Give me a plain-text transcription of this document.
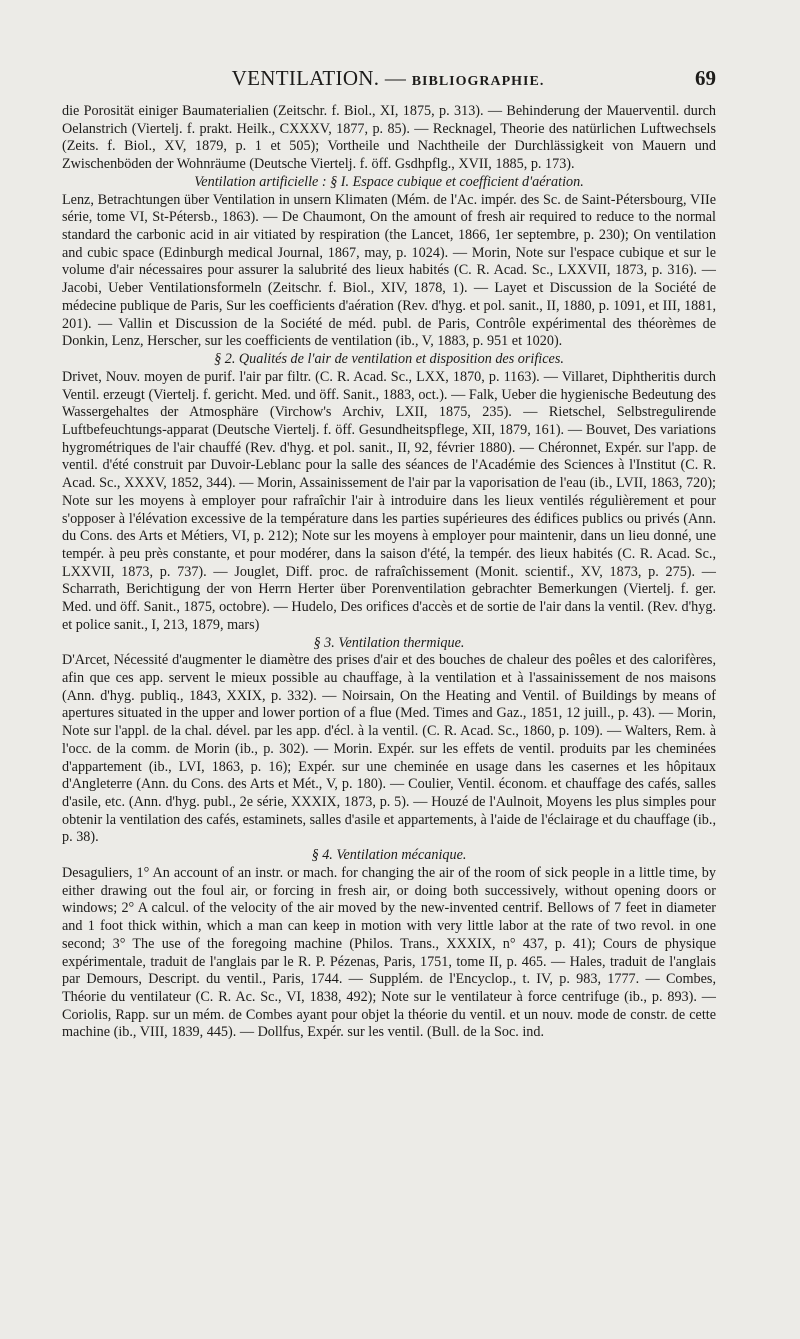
VENTILATION. — BIBLIOGRAPHIE.	69

die Porosität einiger Baumaterialien (Zeitschr. f. Biol., XI, 1875, p. 313). — Behinderung der Mauerventil. durch Oelanstrich (Viertelj. f. prakt. Heilk., CXXXV, 1877, p. 85). — Recknagel, Theorie des natürlichen Luftwechsels (Zeits. f. Biol., XV, 1879, p. 1 et 505); Vortheile und Nachtheile der Durchlässigkeit von Mauern und Zwischenböden der Wohnräume (Deutsche Viertelj. f. öff. Gsdhpflg., XVII, 1885, p. 173).

Ventilation artificielle : § I. Espace cubique et coefficient d'aération.

Lenz, Betrachtungen über Ventilation in unsern Klimaten (Mém. de l'Ac. impér. des Sc. de Saint-Pétersbourg, VIIe série, tome VI, St-Pétersb., 1863). — De Chaumont, On the amount of fresh air required to reduce to the normal standard the carbonic acid in air vitiated by respiration (the Lancet, 1866, 1er septembre, p. 230); On ventilation and cubic space (Edinburgh medical Journal, 1867, may, p. 1024). — Morin, Note sur l'espace cubique et sur le volume d'air nécessaires pour assurer la salubrité des lieux habités (C. R. Acad. Sc., LXXVII, 1873, p. 316). — Jacobi, Ueber Ventilationsformeln (Zeitschr. f. Biol., XIV, 1878, 1). — Layet et Discussion de la Société de médecine publique de Paris, Sur les coefficients d'aération (Rev. d'hyg. et pol. sanit., II, 1880, p. 1091, et III, 1881, 201). — Vallin et Discussion de la Société de méd. publ. de Paris, Contrôle expérimental des théorèmes de Donkin, Lenz, Herscher, sur les coefficients de ventilation (ib., V, 1883, p. 951 et 1020).

§ 2. Qualités de l'air de ventilation et disposition des orifices.

Drivet, Nouv. moyen de purif. l'air par filtr. (C. R. Acad. Sc., LXX, 1870, p. 1163). — Villaret, Diphtheritis durch Ventil. erzeugt (Viertelj. f. gericht. Med. und öff. Sanit., 1883, oct.). — Falk, Ueber die hygienische Bedeutung des Wassergehaltes der Atmosphäre (Virchow's Archiv, LXII, 1875, 235). — Rietschel, Selbstregulirende Luftbefeuchtungs-apparat (Deutsche Viertelj. f. öff. Gesundheitspflege, XII, 1879, 161). — Bouvet, Des variations hygrométriques de l'air chauffé (Rev. d'hyg. et pol. sanit., II, 92, février 1880). — Chéronnet, Expér. sur l'app. de ventil. d'été construit par Duvoir-Leblanc pour la salle des séances de l'Académie des Sciences à l'Institut (C. R. Acad. Sc., XXXV, 1852, 344). — Morin, Assainissement de l'air par la vaporisation de l'eau (ib., LVII, 1863, 720); Note sur les moyens à employer pour rafraîchir l'air à introduire dans les lieux ventilés régulièrement et pour s'opposer à l'élévation excessive de la température dans les parties supérieures des édifices publics ou privés (Ann. du Cons. des Arts et Métiers, VI, p. 212); Note sur les moyens à employer pour maintenir, dans un lieu donné, une tempér. à peu près constante, et pour modérer, dans la saison d'été, la tempér. des lieux habités (C. R. Acad. Sc., LXXVII, 1873, p. 737). — Jouglet, Diff. proc. de rafraîchissement (Monit. scientif., XV, 1873, p. 275). — Scharrath, Berichtigung der von Herrn Herter über Porenventilation gebrachter Bemerkungen (Viertelj. f. ger. Med. und öff. Sanit., 1875, octobre). — Hudelo, Des orifices d'accès et de sortie de l'air dans la ventil. (Rev. d'hyg. et police sanit., I, 213, 1879, mars)

§ 3. Ventilation thermique.

D'Arcet, Nécessité d'augmenter le diamètre des prises d'air et des bouches de chaleur des poêles et des calorifères, afin que ces app. servent le mieux possible au chauffage, à la ventilation et à l'assainissement de nos maisons (Ann. d'hyg. publiq., 1843, XXIX, p. 332). — Noirsain, On the Heating and Ventil. of Buildings by means of apertures situated in the upper and lower portion of a flue (Med. Times and Gaz., 1851, 12 juill., p. 43). — Morin, Note sur l'appl. de la chal. dével. par les app. d'écl. à la ventil. (C. R. Acad. Sc., 1860, p. 109). — Walters, Rem. à l'occ. de la comm. de Morin (ib., p. 302). — Morin. Expér. sur les effets de ventil. produits par les cheminées d'appartement (ib., LVI, 1863, p. 16); Expér. sur une cheminée en usage dans les casernes et les hôpitaux d'Angleterre (Ann. du Cons. des Arts et Mét., V, p. 180). — Coulier, Ventil. économ. et chauffage des cafés, salles d'asile, etc. (Ann. d'hyg. publ., 2e série, XXXIX, 1873, p. 5). — Houzé de l'Aulnoit, Moyens les plus simples pour obtenir la ventilation des cafés, estaminets, salles d'asile et appartements, à l'aide de l'éclairage et du chauffage (ib., p. 38).

§ 4. Ventilation mécanique.

Desaguliers, 1° An account of an instr. or mach. for changing the air of the room of sick people in a little time, by either drawing out the foul air, or forcing in fresh air, or doing both successively, without opening doors or windows; 2° A calcul. of the velocity of the air moved by the new-invented centrif. Bellows of 7 feet in diameter and 1 foot thick within, which a man can keep in motion with very little labor at the rate of two revol. in one second; 3° The use of the foregoing machine (Philos. Trans., XXXIX, n° 437, p. 41); Cours de physique expérimentale, traduit de l'anglais par le R. P. Pézenas, Paris, 1751, tome II, p. 465. — Hales, traduit de l'anglais par Demours, Descript. du ventil., Paris, 1744. — Supplém. de l'Encyclop., t. IV, p. 983, 1777. — Combes, Théorie du ventilateur (C. R. Ac. Sc., VI, 1838, 492); Note sur le ventilateur à force centrifuge (ib., p. 893). — Coriolis, Rapp. sur un mém. de Combes ayant pour objet la théorie du ventil. et un nouv. mode de constr. de cette machine (ib., VIII, 1839, 445). — Dollfus, Expér. sur les ventil. (Bull. de la Soc. ind.
